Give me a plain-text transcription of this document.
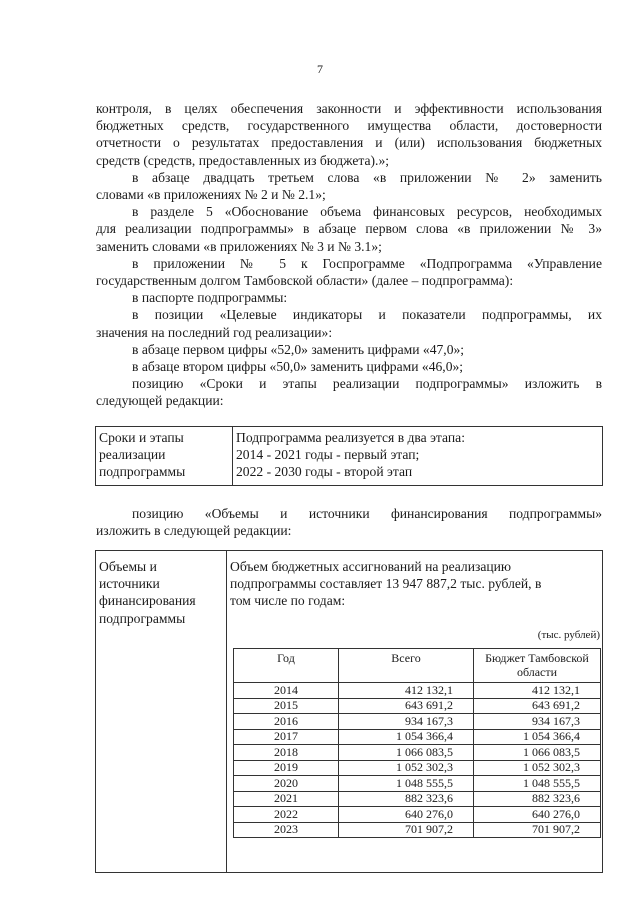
7

контроля, в целях обеспечения законности и эффективности использования
бюджетных средств, государственного имущества области, достоверности
отчетности о результатах предоставления и (или) использования бюджетных
средств (средств, предоставленных из бюджета).»;

в абзаце двадцать третьем слова «в приложении № 2» заменить
словами «в приложениях № 2 и № 2.1»;

в разделе 5 «Обоснование объема финансовых ресурсов, необходимых
для реализации подпрограммы» в абзаце первом слова «в приложении № 3»
заменить словами «в приложениях № 3 и № 3.1»;

в приложении № 5 к Госпрограмме «Подпрограмма «Управление
государственным долгом Тамбовской области» (далее – подпрограмма):

в паспорте подпрограммы:

в позиции «Целевые индикаторы и показатели подпрограммы, их
значения на последний год реализации»:

в абзаце первом цифры «52,0» заменить цифрами «47,0»;

в абзаце втором цифры «50,0» заменить цифрами «46,0»;

позицию «Сроки и этапы реализации подпрограммы» изложить в
следующей редакции:

Сроки и этапы
реализации
подпрограммы

Подпрограмма реализуется в два этапа:
2014 - 2021 годы - первый этап;
2022 - 2030 годы - второй этап

позицию «Объемы и источники финансирования подпрограммы»
изложить в следующей редакции:

Объемы и
источники
финансирования
подпрограммы
Объем бюджетных ассигнований на реализацию
подпрограммы составляет 13 947 887,2 тыс. рублей, в
том числе по годам:
(тыс. рублей)
Год	Всего	Бюджет Тамбовской области
2014	412 132,1	412 132,1
2015	643 691,2	643 691,2
2016	934 167,3	934 167,3
2017	1 054 366,4	1 054 366,4
2018	1 066 083,5	1 066 083,5
2019	1 052 302,3	1 052 302,3
2020	1 048 555,5	1 048 555,5
2021	882 323,6	882 323,6
2022	640 276,0	640 276,0
2023	701 907,2	701 907,2
